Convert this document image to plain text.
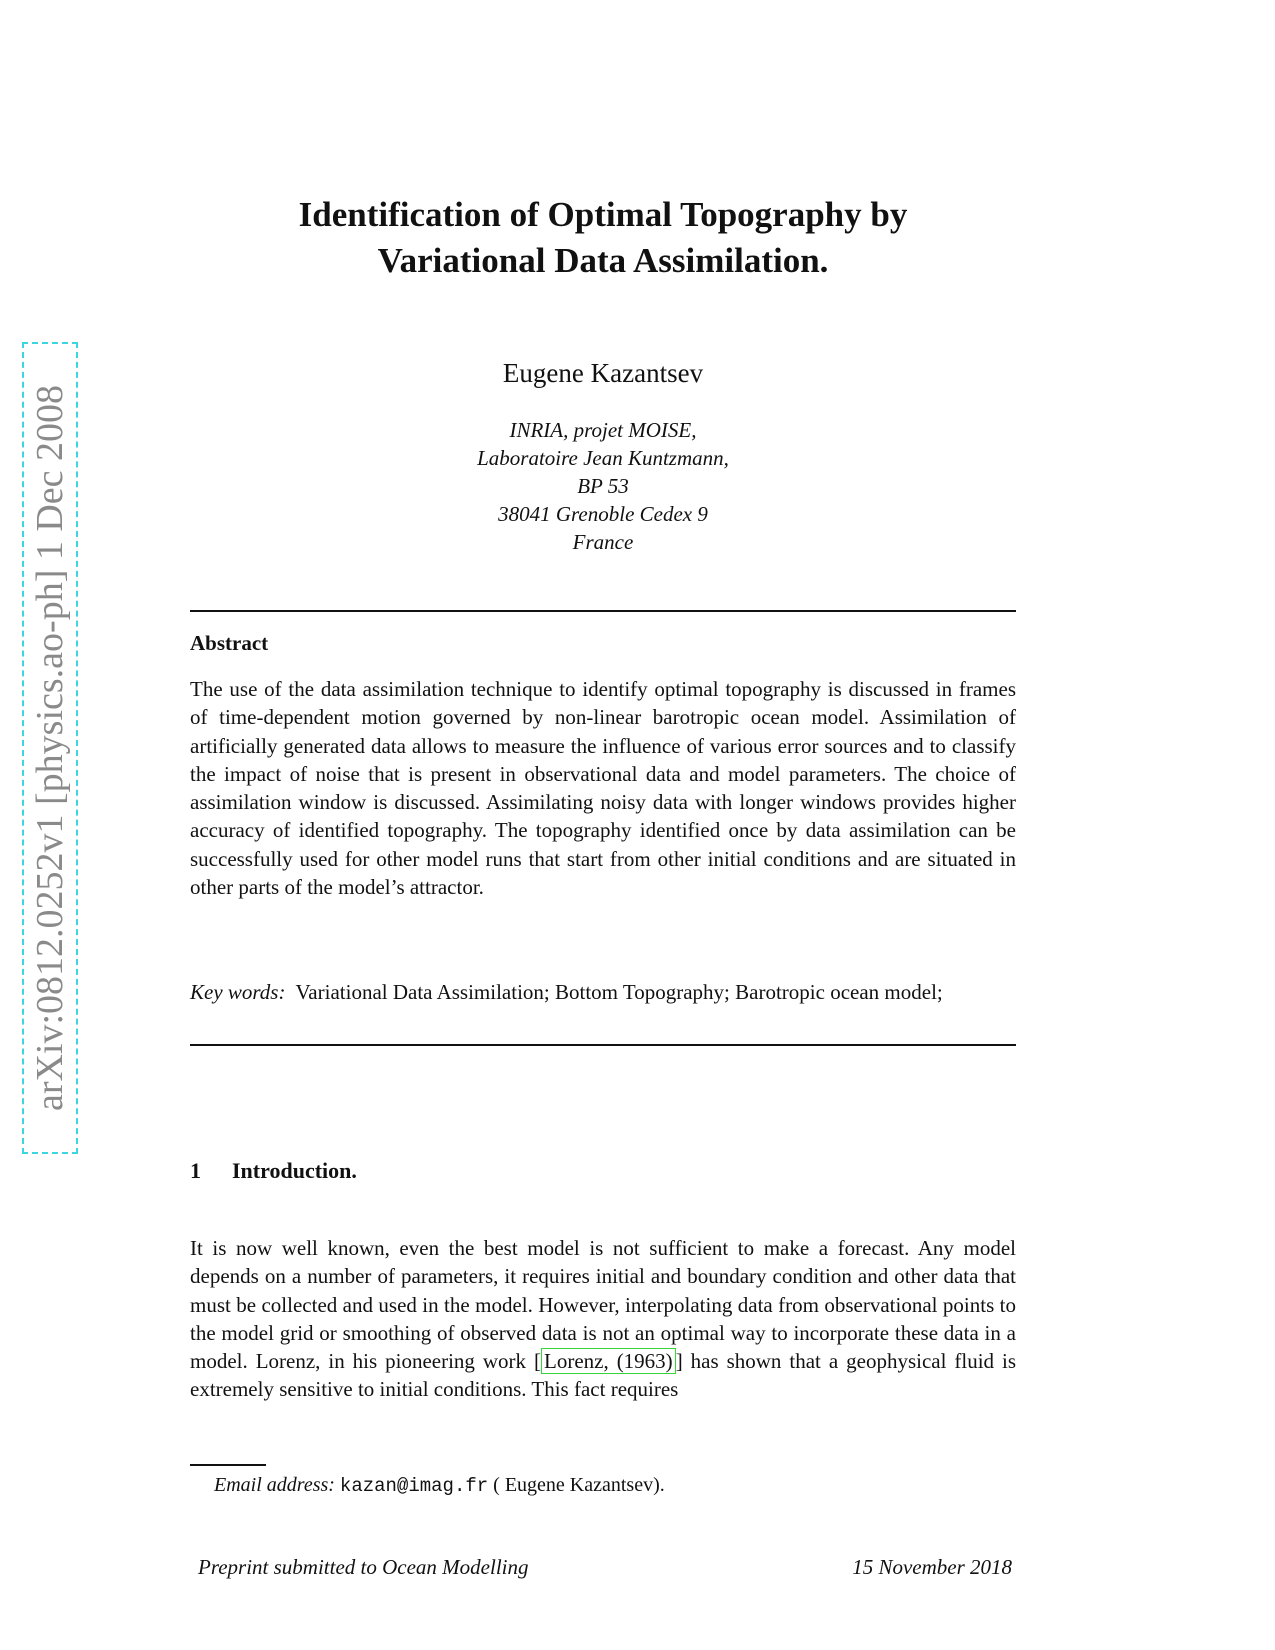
arXiv:0812.0252v1 [physics.ao-ph] 1 Dec 2008
Identification of Optimal Topography by
Variational Data Assimilation.
Eugene Kazantsev
INRIA, projet MOISE,
Laboratoire Jean Kuntzmann,
BP 53
38041 Grenoble Cedex 9
France
Abstract
The use of the data assimilation technique to identify optimal topography is discussed in frames of time-dependent motion governed by non-linear barotropic ocean model. Assimilation of artificially generated data allows to measure the influence of various error sources and to classify the impact of noise that is present in observational data and model parameters. The choice of assimilation window is discussed. Assimilating noisy data with longer windows provides higher accuracy of identified topography. The topography identified once by data assimilation can be successfully used for other model runs that start from other initial conditions and are situated in other parts of the model’s attractor.
Key words: Variational Data Assimilation; Bottom Topography; Barotropic ocean model;
1 Introduction.
It is now well known, even the best model is not sufficient to make a forecast. Any model depends on a number of parameters, it requires initial and boundary condition and other data that must be collected and used in the model. However, interpolating data from observational points to the model grid or smoothing of observed data is not an optimal way to incorporate these data in a model. Lorenz, in his pioneering work [ Lorenz, (1963) ] has shown that a geophysical fluid is extremely sensitive to initial conditions. This fact requires
Email address: kazan@imag.fr ( Eugene Kazantsev).
Preprint submitted to Ocean Modelling	15 November 2018
